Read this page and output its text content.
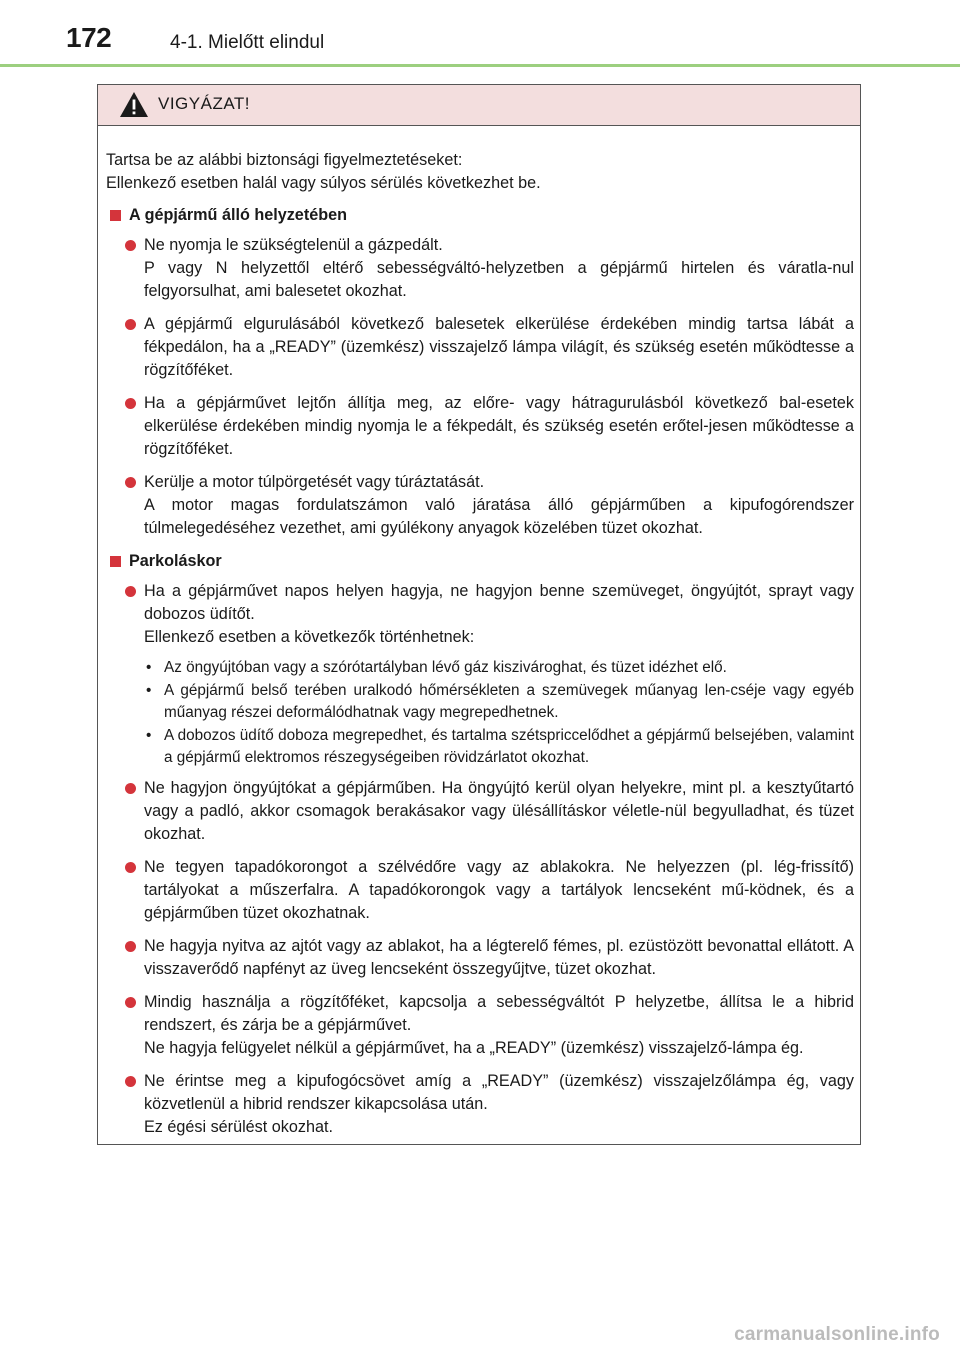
172	4-1. Mielőtt elindul
VIGYÁZAT!
Tartsa be az alábbi biztonsági figyelmeztetéseket:
Ellenkező esetben halál vagy súlyos sérülés következhet be.
A gépjármű álló helyzetében

Ne nyomja le szükségtelenül a gázpedált.

P vagy N helyzettől eltérő sebességváltó-helyzetben a gépjármű hirtelen és váratla-nul felgyorsulhat, ami balesetet okozhat.

A gépjármű elgurulásából következő balesetek elkerülése érdekében mindig tartsa lábát a fékpedálon, ha a „READY” (üzemkész) visszajelző lámpa világít, és szükség esetén működtesse a rögzítőféket.

Ha a gépjárművet lejtőn állítja meg, az előre- vagy hátragurulásból következő bal-esetek elkerülése érdekében mindig nyomja le a fékpedált, és szükség esetén erőtel-jesen működtesse a rögzítőféket.

Kerülje a motor túlpörgetését vagy túráztatását.

A motor magas fordulatszámon való járatása álló gépjárműben a kipufogórendszer túlmelegedéséhez vezethet, ami gyúlékony anyagok közelében tüzet okozhat.

Parkoláskor

Ha a gépjárművet napos helyen hagyja, ne hagyjon benne szemüveget, öngyújtót, sprayt vagy dobozos üdítőt.

Ellenkező esetben a következők történhetnek:

• Az öngyújtóban vagy a szórótartályban lévő gáz kiszivároghat, és tüzet idézhet elő.
• A gépjármű belső terében uralkodó hőmérsékleten a szemüvegek műanyag len-cséje vagy egyéb műanyag részei deformálódhatnak vagy megrepedhetnek.
• A dobozos üdítő doboza megrepedhet, és tartalma szétspriccelődhet a gépjármű belsejében, valamint a gépjármű elektromos részegységeiben rövidzárlatot okozhat.

Ne hagyjon öngyújtókat a gépjárműben. Ha öngyújtó kerül olyan helyekre, mint pl. a kesztyűtartó vagy a padló, akkor csomagok berakásakor vagy ülésállításkor véletle-nül begyulladhat, és tüzet okozhat.

Ne tegyen tapadókorongot a szélvédőre vagy az ablakokra. Ne helyezzen (pl. lég-frissítő) tartályokat a műszerfalra. A tapadókorongok vagy a tartályok lencseként mű-ködnek, és a gépjárműben tüzet okozhatnak.

Ne hagyja nyitva az ajtót vagy az ablakot, ha a légterelő fémes, pl. ezüstözött bevonattal ellátott. A visszaverődő napfényt az üveg lencseként összegyűjtve, tüzet okozhat.

Mindig használja a rögzítőféket, kapcsolja a sebességváltót P helyzetbe, állítsa le a hibrid rendszert, és zárja be a gépjárművet.

Ne hagyja felügyelet nélkül a gépjárművet, ha a „READY” (üzemkész) visszajelző-lámpa ég.

Ne érintse meg a kipufogócsövet amíg a „READY” (üzemkész) visszajelzőlámpa ég, vagy közvetlenül a hibrid rendszer kikapcsolása után.

Ez égési sérülést okozhat.

carmanualsonline.info
